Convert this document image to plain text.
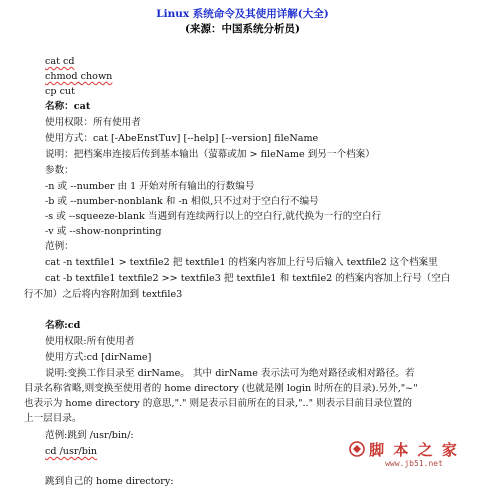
Linux 系统命令及其使用详解(大全)
(来源：中国系统分析员)
cat cd
chmod chown
cp cut
名称：cat
使用权限：所有使用者
使用方式：cat [-AbeEnstTuv] [--help] [--version] fileName
说明：把档案串连接后传到基本输出（萤幕或加 > fileName 到另一个档案）
参数：
-n 或 --number 由 1 开始对所有输出的行数编号
-b 或 --number-nonblank 和 -n 相似,只不过对于空白行不编号
-s 或 --squeeze-blank 当遇到有连续两行以上的空白行,就代换为一行的空白行
-v 或 --show-nonprinting
范例：
cat -n textfile1 > textfile2 把 textfile1 的档案内容加上行号后输入 textfile2 这个档案里
cat -b textfile1 textfile2 >> textfile3 把 textfile1 和 textfile2 的档案内容加上行号（空白
行不加）之后将内容附加到 textfile3
名称:cd
使用权限:所有使用者
使用方式:cd [dirName]
说明:变换工作目录至 dirName。 其中 dirName 表示法可为绝对路径或相对路径。若
目录名称省略,则变换至使用者的 home directory (也就是刚 login 时所在的目录).另外,"~"
也表示为 home directory 的意思,"." 则是表示目前所在的目录,".." 则表示目前目录位置的
上一层目录。
范例:跳到 /usr/bin/:
cd /usr/bin
跳到自己的 home directory:
脚 本 之 家
www.jb51.net
